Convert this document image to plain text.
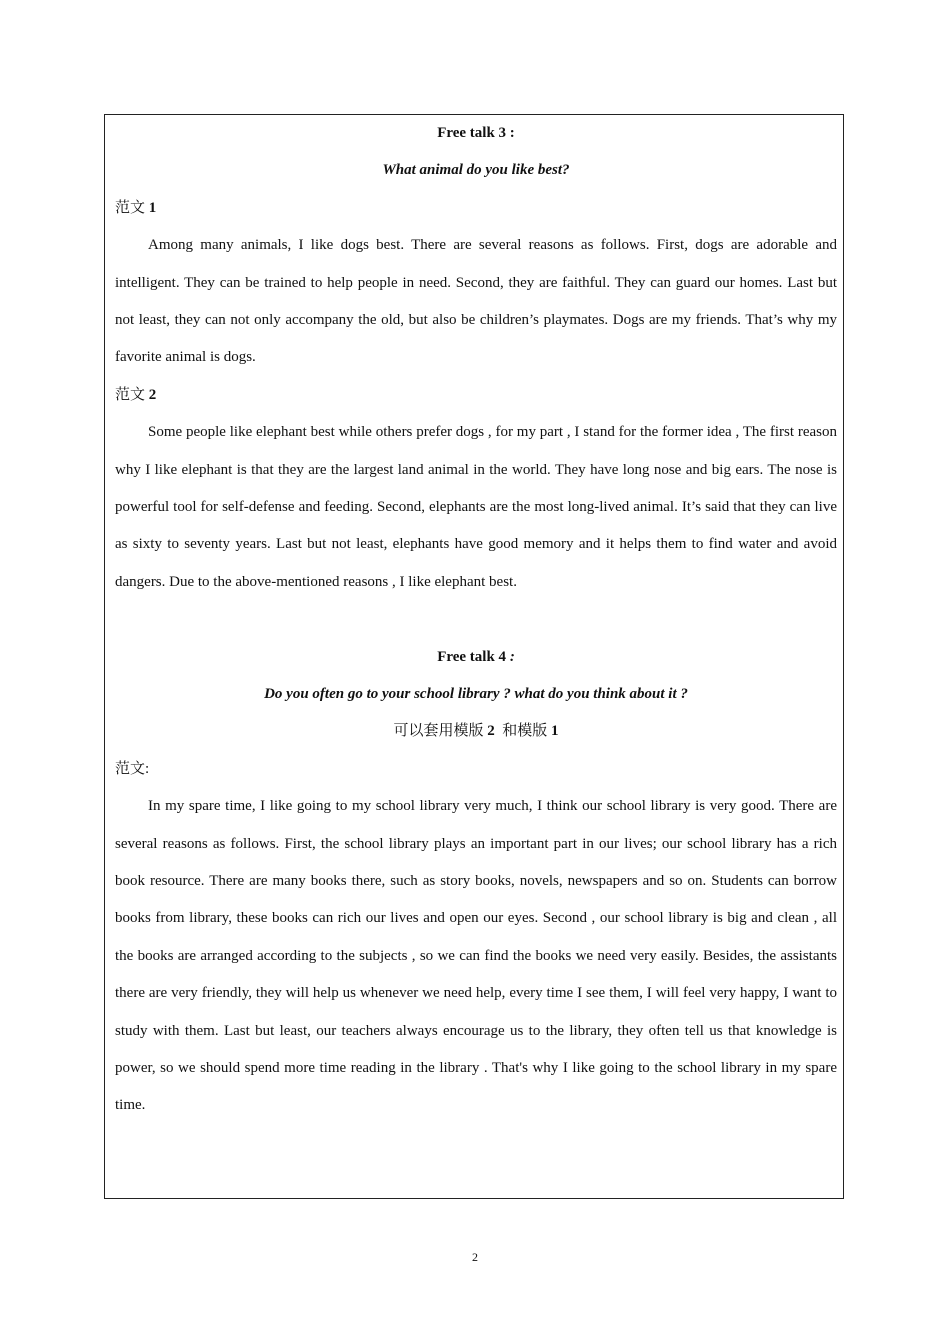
Free talk 3 :
What animal do you like best?
范文 1

Among many animals, I like dogs best. There are several reasons as follows. First, dogs are adorable and intelligent. They can be trained to help people in need. Second, they are faithful. They can guard our homes. Last but not least, they can not only accompany the old, but also be children’s playmates. Dogs are my friends. That’s why my favorite animal is dogs.

范文 2

Some people like elephant best while others prefer dogs , for my part , I stand for the former idea , The first reason why I like elephant is that they are the largest land animal in the world. They have long nose and big ears. The nose is powerful tool for self-defense and feeding. Second, elephants are the most long-lived animal. It’s said that they can live as sixty to seventy years. Last but not least, elephants have good memory and it helps them to find water and avoid dangers. Due to the above-mentioned reasons , I like elephant best.

Free talk 4 :
Do you often go to your school library ? what do you think about it ?
可以套用模版 2 和模版 1
范文:

In my spare time, I like going to my school library very much, I think our school library is very good. There are several reasons as follows. First, the school library plays an important part in our lives; our school library has a rich book resource. There are many books there, such as story books, novels, newspapers and so on. Students can borrow books from library, these books can rich our lives and open our eyes. Second , our school library is big and clean , all the books are arranged according to the subjects , so we can find the books we need very easily. Besides, the assistants there are very friendly, they will help us whenever we need help, every time I see them, I will feel very happy, I want to study with them. Last but least, our teachers always encourage us to the library, they often tell us that knowledge is power, so we should spend more time reading in the library . That's why I like going to the school library in my spare time.

2
